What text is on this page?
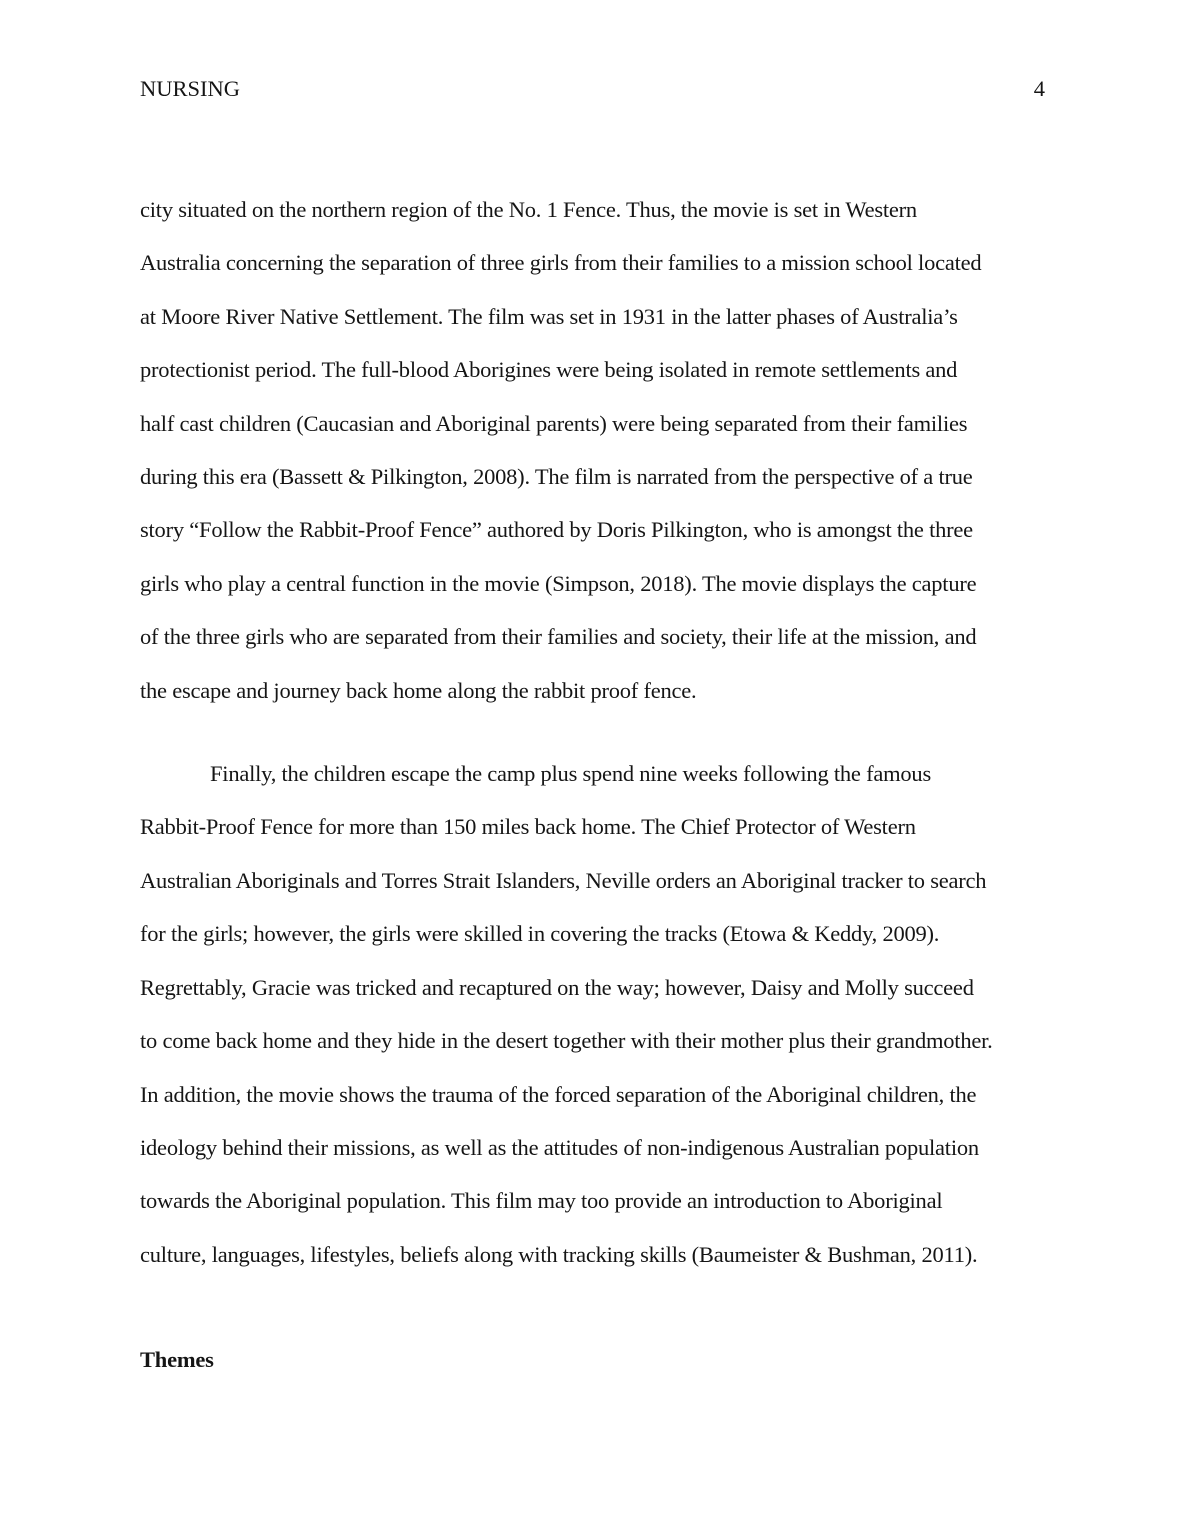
NURSING	4
city situated on the northern region of the No. 1 Fence. Thus, the movie is set in Western
Australia concerning the separation of three girls from their families to a mission school located
at Moore River Native Settlement. The film was set in 1931 in the latter phases of Australia’s
protectionist period. The full-blood Aborigines were being isolated in remote settlements and
half cast children (Caucasian and Aboriginal parents) were being separated from their families
during this era (Bassett & Pilkington, 2008). The film is narrated from the perspective of a true
story “Follow the Rabbit-Proof Fence” authored by Doris Pilkington, who is amongst the three
girls who play a central function in the movie (Simpson, 2018). The movie displays the capture
of the three girls who are separated from their families and society, their life at the mission, and
the escape and journey back home along the rabbit proof fence.
Finally, the children escape the camp plus spend nine weeks following the famous
Rabbit-Proof Fence for more than 150 miles back home. The Chief Protector of Western
Australian Aboriginals and Torres Strait Islanders, Neville orders an Aboriginal tracker to search
for the girls; however, the girls were skilled in covering the tracks (Etowa & Keddy, 2009).
Regrettably, Gracie was tricked and recaptured on the way; however, Daisy and Molly succeed
to come back home and they hide in the desert together with their mother plus their grandmother.
In addition, the movie shows the trauma of the forced separation of the Aboriginal children, the
ideology behind their missions, as well as the attitudes of non-indigenous Australian population
towards the Aboriginal population. This film may too provide an introduction to Aboriginal
culture, languages, lifestyles, beliefs along with tracking skills (Baumeister & Bushman, 2011).
Themes
